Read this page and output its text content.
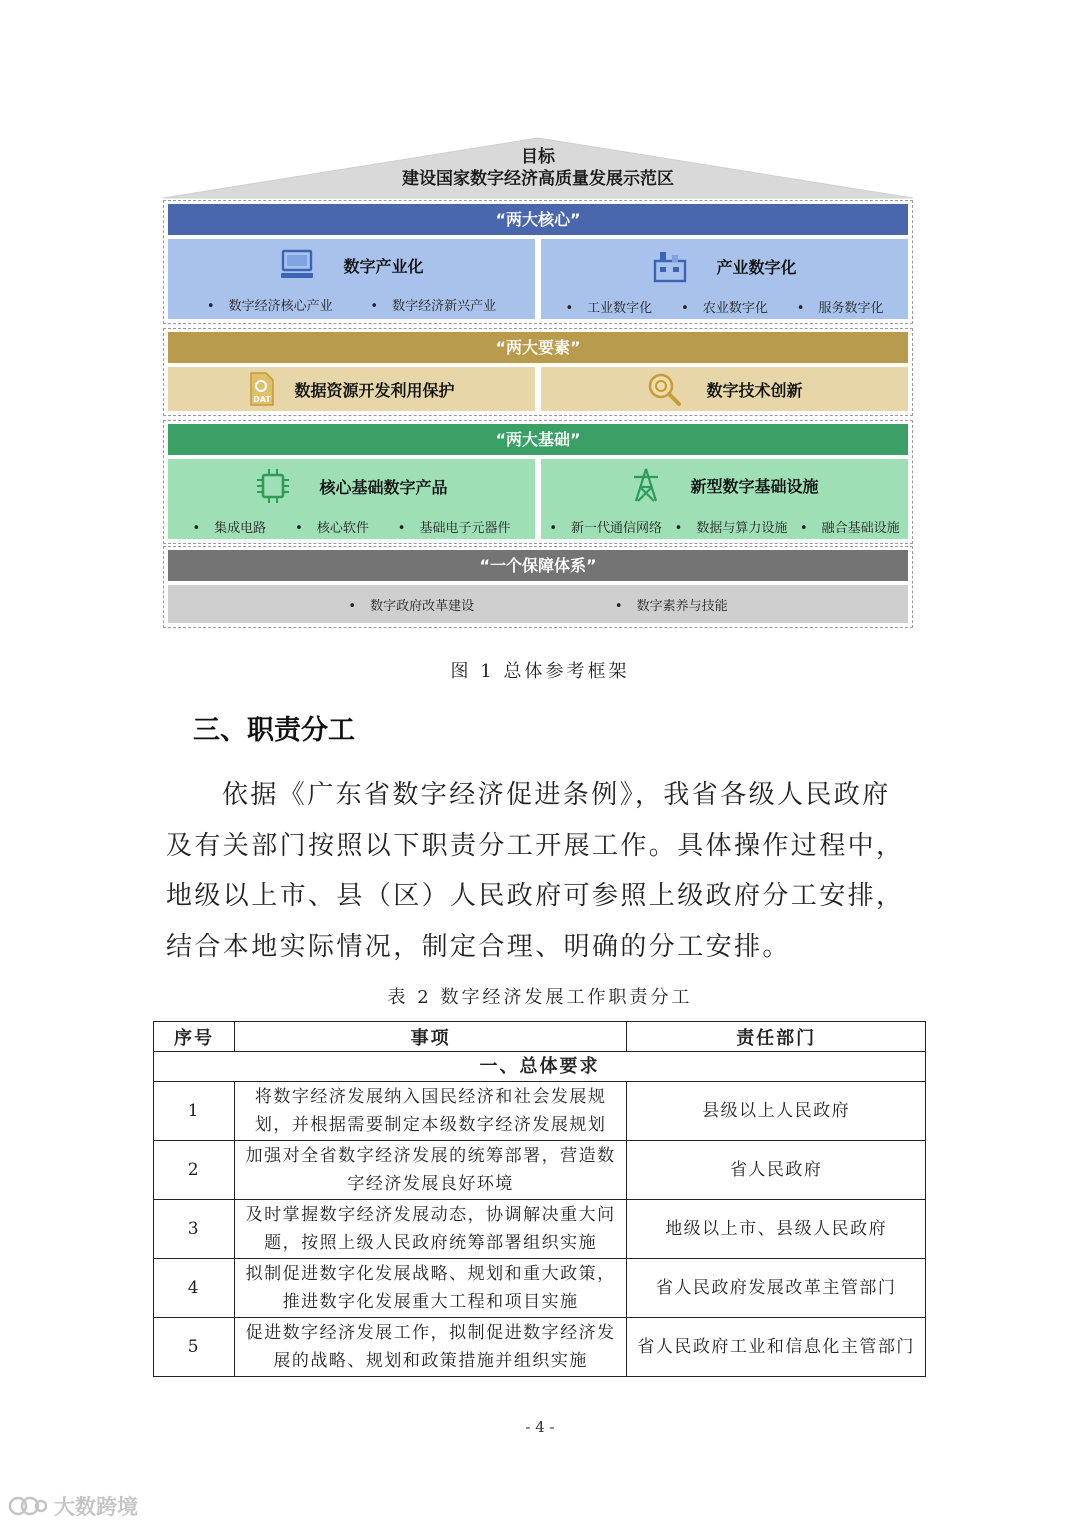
目标
建设国家数字经济高质量发展示范区
“两大核心”
数字产业化
• 数字经济核心产业	• 数字经济新兴产业
产业数字化
• 工业数字化	• 农业数字化	• 服务数字化
“两大要素”
DAT 数据资源开发利用保护	数字技术创新
“两大基础”
核心基础数字产品
• 集成电路	• 核心软件	• 基础电子元器件
新型数字基础设施
• 新一代通信网络	• 数据与算力设施	• 融合基础设施
“一个保障体系”
• 数字政府改革建设	• 数字素养与技能
图 1 总体参考框架
三、职责分工
依据《广东省数字经济促进条例》，我省各级人民政府
及有关部门按照以下职责分工开展工作。具体操作过程中，
地级以上市、县（区）人民政府可参照上级政府分工安排，
结合本地实际情况，制定合理、明确的分工安排。
表 2 数字经济发展工作职责分工
序号	事项	责任部门
一、总体要求		
1	将数字经济发展纳入国民经济和社会发展规划，并根据需要制定本级数字经济发展规划	县级以上人民政府
2	加强对全省数字经济发展的统筹部署，营造数字经济发展良好环境	省人民政府
3	及时掌握数字经济发展动态，协调解决重大问题，按照上级人民政府统筹部署组织实施	地级以上市、县级人民政府
4	拟制促进数字化发展战略、规划和重大政策，推进数字化发展重大工程和项目实施	省人民政府发展改革主管部门
5	促进数字经济发展工作，拟制促进数字经济发展的战略、规划和政策措施并组织实施	省人民政府工业和信息化主管部门
- 4 -
大数跨境
